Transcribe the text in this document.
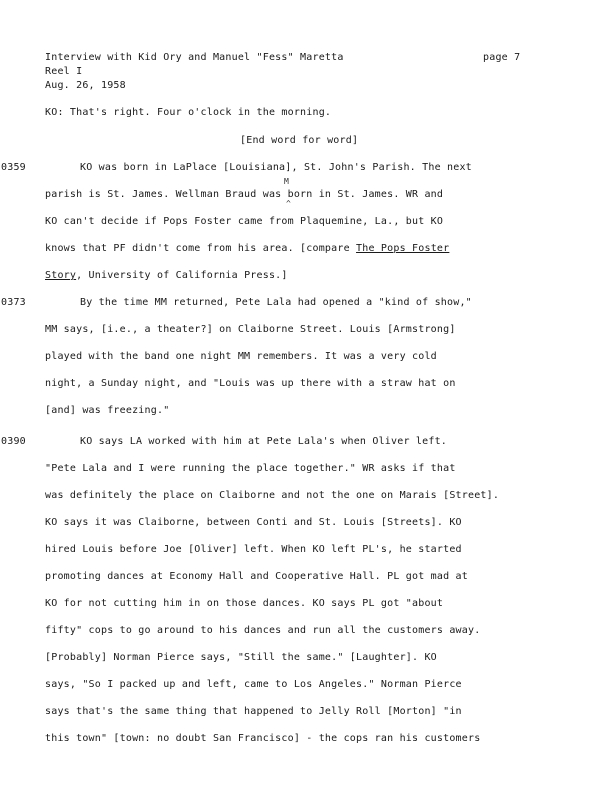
Interview with Kid Ory and Manuel "Fess" Maretta	page 7
Reel I
Aug. 26, 1958
KO: That's right. Four o'clock in the morning.
[End word for word]
0359	KO was born in LaPlace [Louisiana], St. John's Parish. The next
M
parish is St. James. Wellman Braud was born in St. James. WR and
^
KO can't decide if Pops Foster came from Plaquemine, La., but KO
knows that PF didn't come from his area. [compare The Pops Foster
Story, University of California Press.]
0373	By the time MM returned, Pete Lala had opened a "kind of show,"
MM says, [i.e., a theater?] on Claiborne Street. Louis [Armstrong]
played with the band one night MM remembers. It was a very cold
night, a Sunday night, and "Louis was up there with a straw hat on
[and] was freezing."
0390	KO says LA worked with him at Pete Lala's when Oliver left.
"Pete Lala and I were running the place together." WR asks if that
was definitely the place on Claiborne and not the one on Marais [Street].
KO says it was Claiborne, between Conti and St. Louis [Streets]. KO
hired Louis before Joe [Oliver] left. When KO left PL's, he started
promoting dances at Economy Hall and Cooperative Hall. PL got mad at
KO for not cutting him in on those dances. KO says PL got "about
fifty" cops to go around to his dances and run all the customers away.
[Probably] Norman Pierce says, "Still the same." [Laughter]. KO
says, "So I packed up and left, came to Los Angeles." Norman Pierce
says that's the same thing that happened to Jelly Roll [Morton] "in
this town" [town: no doubt San Francisco] - the cops ran his customers
